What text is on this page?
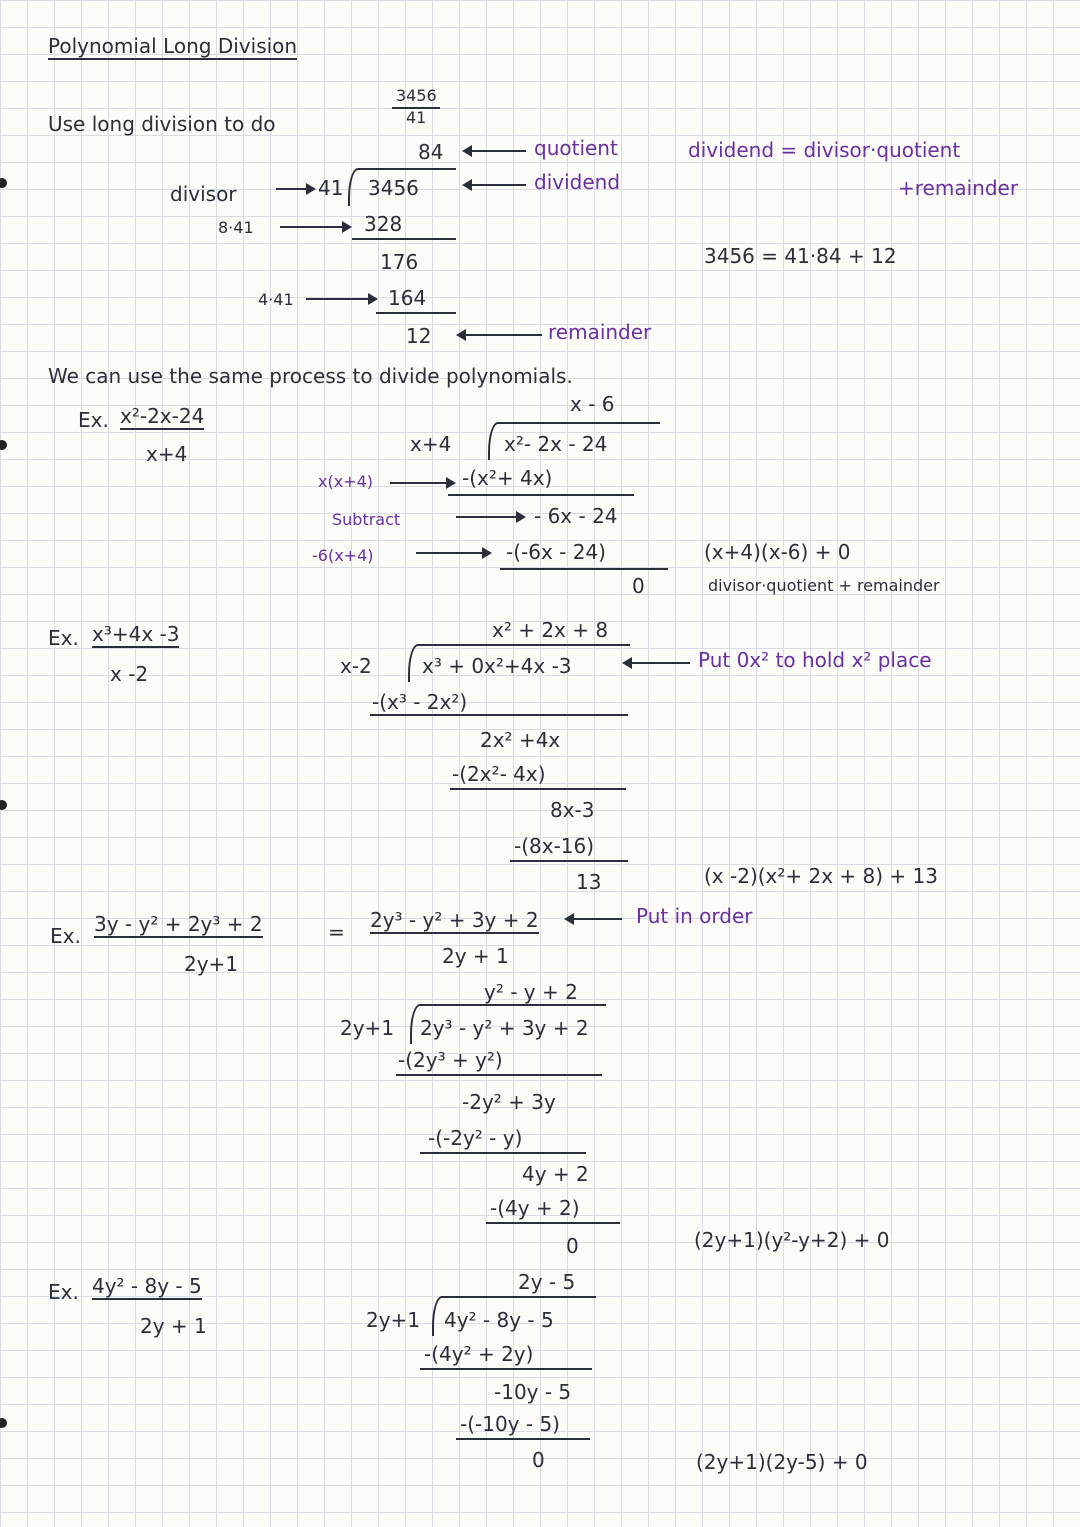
Polynomial Long Division
Use long division to do
3456
41
84	quotient
divisor	41 3456	dividend
8·41	328
176
4·41	164
12	remainder
dividend = divisor·quotient
+remainder
3456 = 41·84 + 12
We can use the same process to divide polynomials.
Ex. x²-2x-24
x+4
x - 6
x+4	x²- 2x - 24
x(x+4)	-(x²+ 4x)
Subtract	- 6x - 24
-6(x+4)	-(-6x - 24)
0
(x+4)(x-6) + 0
divisor·quotient + remainder
Ex. x³+4x -3
x -2
x² + 2x + 8
x-2	x³ + 0x²+4x -3	Put 0x² to hold x² place
-(x³ - 2x²)
2x² +4x
-(2x²- 4x)
8x-3
-(8x-16)
13	(x -2)(x²+ 2x + 8) + 13
Ex. 3y - y² + 2y³ + 2
2y+1
= 2y³ - y² + 3y + 2
2y + 1
Put in order
y² - y + 2
2y+1 2y³ - y² + 3y + 2
-(2y³ + y²)
-2y² + 3y
-(-2y² - y)
4y + 2
-(4y + 2)
0	(2y+1)(y²-y+2) + 0
Ex. 4y² - 8y - 5
2y + 1
2y - 5
2y+1 4y² - 8y - 5
-(4y² + 2y)
-10y - 5
-(-10y - 5)
0	(2y+1)(2y-5) + 0
